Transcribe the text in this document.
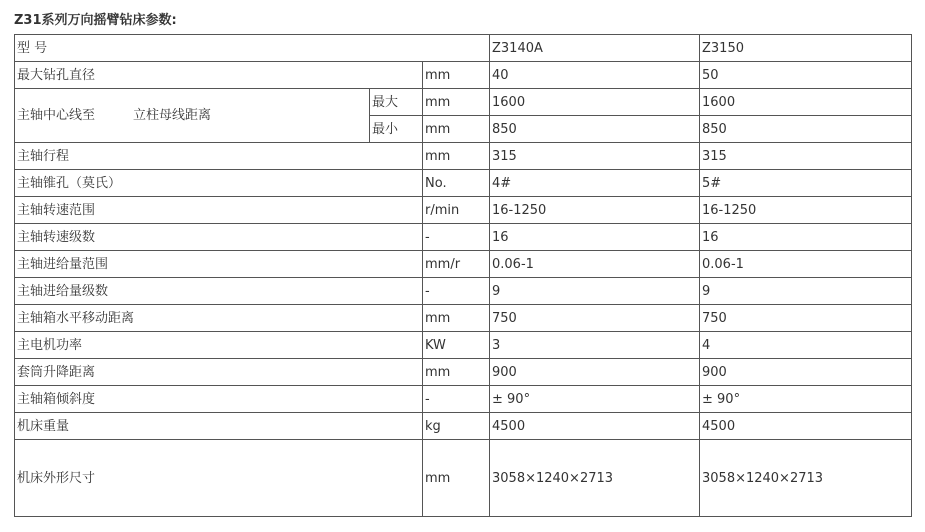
Z31系列万向摇臂钻床参数:
型 号			Z3140A	Z3150
最大钻孔直径		mm	40	50
主轴中心线至 立柱母线距离	最大	mm	1600	1600
	最小	mm	850	850
主轴行程		mm	315	315
主轴锥孔（莫氏）		No.	4#	5#
主轴转速范围		r/min	16-1250	16-1250
主轴转速级数		-	16	16
主轴进给量范围		mm/r	0.06-1	0.06-1
主轴进给量级数		-	9	9
主轴箱水平移动距离		mm	750	750
主电机功率		KW	3	4
套筒升降距离		mm	900	900
主轴箱倾斜度		-	± 90°	± 90°
机床重量		kg	4500	4500
机床外形尺寸		mm	3058×1240×2713	3058×1240×2713
